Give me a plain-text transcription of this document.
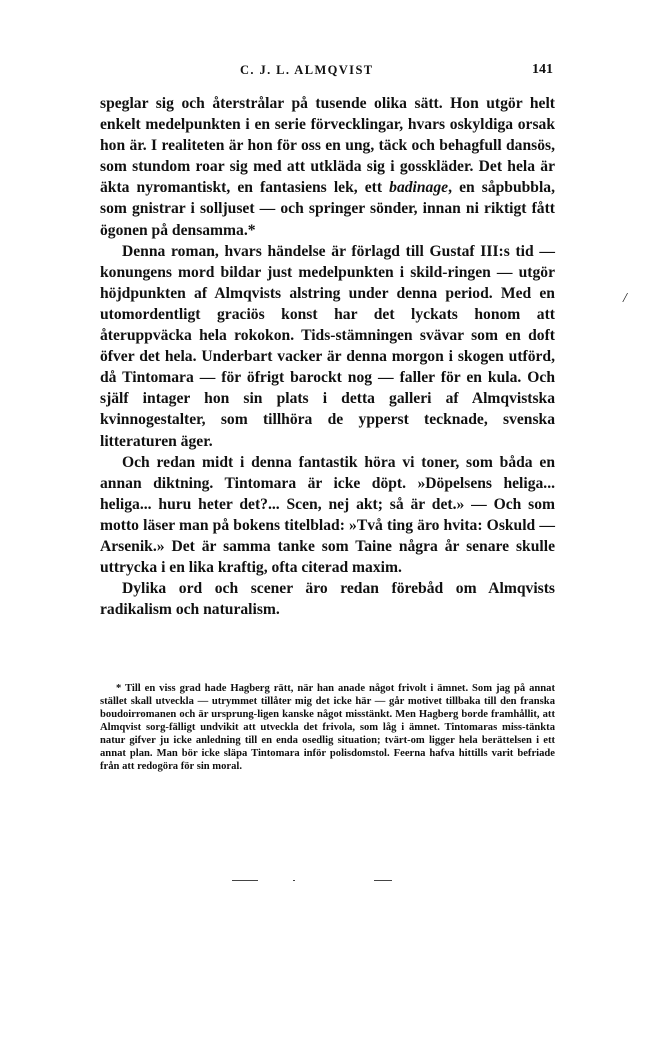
C. J. L. ALMQVIST	141

speglar sig och återstrålar på tusende olika sätt. Hon utgör helt enkelt medelpunkten i en serie förvecklingar, hvars oskyldiga orsak hon är. I realiteten är hon för oss en ung, täck och behagfull dansös, som stundom roar sig med att utkläda sig i gosskläder. Det hela är äkta nyromantiskt, en fantasiens lek, ett badinage, en såpbubbla, som gnistrar i solljuset — och springer sönder, innan ni riktigt fått ögonen på densamma.*

Denna roman, hvars händelse är förlagd till Gustaf III:s tid — konungens mord bildar just medelpunkten i skild-ringen — utgör höjdpunkten af Almqvists alstring under denna period. Med en utomordentligt graciös konst har det lyckats honom att återuppväcka hela rokokon. Tids-stämningen svävar som en doft öfver det hela. Underbart vacker är denna morgon i skogen utförd, då Tintomara — för öfrigt barockt nog — faller för en kula. Och själf intager hon sin plats i detta galleri af Almqvistska kvinnogestalter, som tillhöra de ypperst tecknade, svenska litteraturen äger.

Och redan midt i denna fantastik höra vi toner, som båda en annan diktning. Tintomara är icke döpt. »Döpelsens heliga... heliga... huru heter det?... Scen, nej akt; så är det.» — Och som motto läser man på bokens titelblad: »Två ting äro hvita: Oskuld — Arsenik.» Det är samma tanke som Taine några år senare skulle uttrycka i en lika kraftig, ofta citerad maxim.

Dylika ord och scener äro redan förebåd om Almqvists radikalism och naturalism.

/

* Till en viss grad hade Hagberg rätt, när han anade något frivolt i ämnet. Som jag på annat stället skall utveckla — utrymmet tillåter mig det icke här — går motivet tillbaka till den franska boudoirromanen och är ursprung-ligen kanske något misstänkt. Men Hagberg borde framhållit, att Almqvist sorg-fälligt undvikit att utveckla det frivola, som låg i ämnet. Tintomaras miss-tänkta natur gifver ju icke anledning till en enda osedlig situation; tvärt-om ligger hela berättelsen i ett annat plan. Man bör icke släpa Tintomara inför polisdomstol. Feerna hafva hittills varit befriade från att redogöra för sin moral.
